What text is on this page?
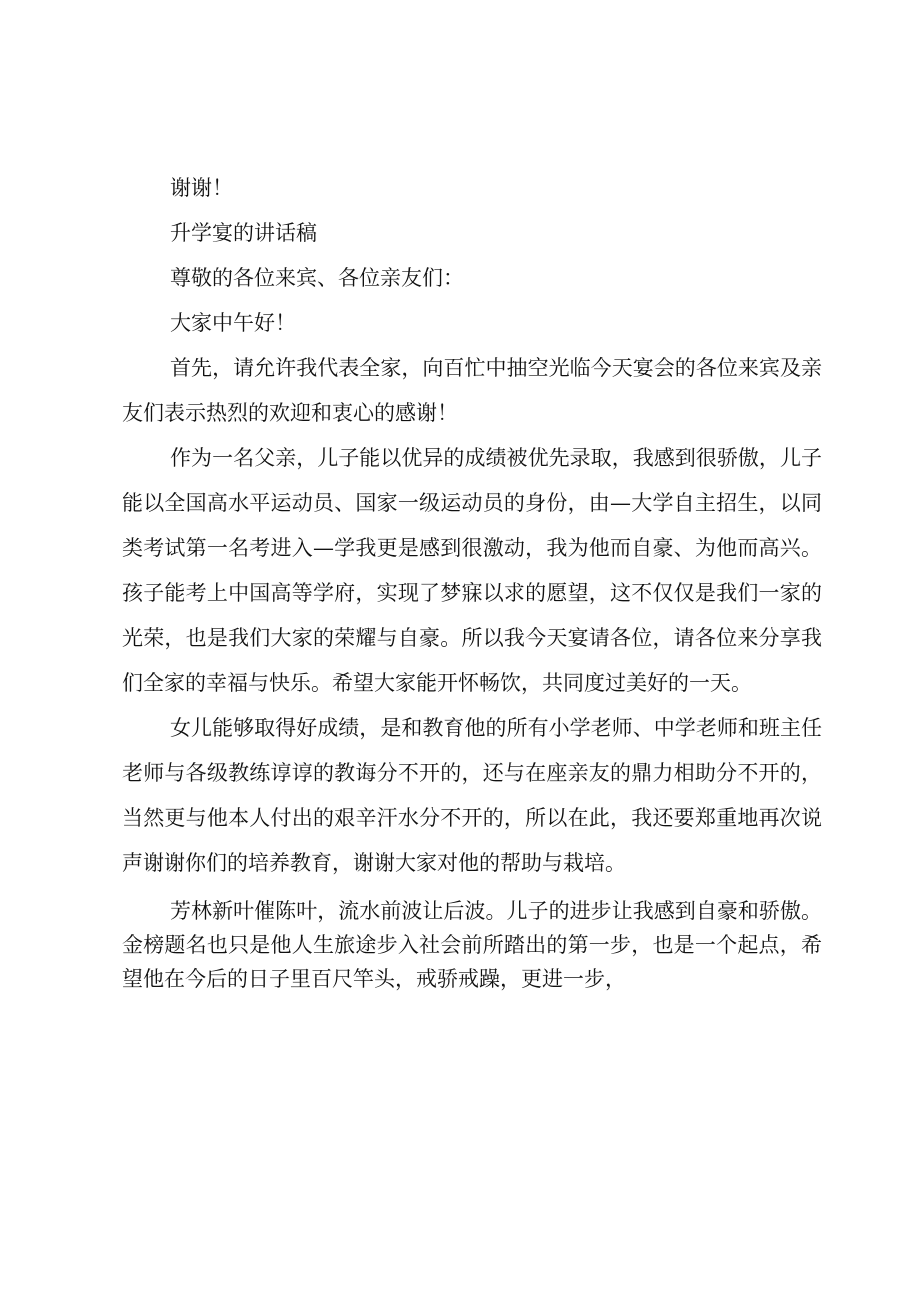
谢谢！

升学宴的讲话稿

尊敬的各位来宾、各位亲友们：

大家中午好！

首先，请允许我代表全家，向百忙中抽空光临今天宴会的各位来宾及亲友们表示热烈的欢迎和衷心的感谢！

作为一名父亲，儿子能以优异的成绩被优先录取，我感到很骄傲，儿子能以全国高水平运动员、国家一级运动员的身份，由—大学自主招生，以同类考试第一名考进入—学我更是感到很激动，我为他而自豪、为他而高兴。孩子能考上中国高等学府，实现了梦寐以求的愿望，这不仅仅是我们一家的光荣，也是我们大家的荣耀与自豪。所以我今天宴请各位，请各位来分享我们全家的幸福与快乐。希望大家能开怀畅饮，共同度过美好的一天。

女儿能够取得好成绩，是和教育他的所有小学老师、中学老师和班主任老师与各级教练谆谆的教诲分不开的，还与在座亲友的鼎力相助分不开的，当然更与他本人付出的艰辛汗水分不开的，所以在此，我还要郑重地再次说声谢谢你们的培养教育，谢谢大家对他的帮助与栽培。

芳林新叶催陈叶，流水前波让后波。儿子的进步让我感到自豪和骄傲。金榜题名也只是他人生旅途步入社会前所踏出的第一步，也是一个起点，希望他在今后的日子里百尺竿头，戒骄戒躁，更进一步，
